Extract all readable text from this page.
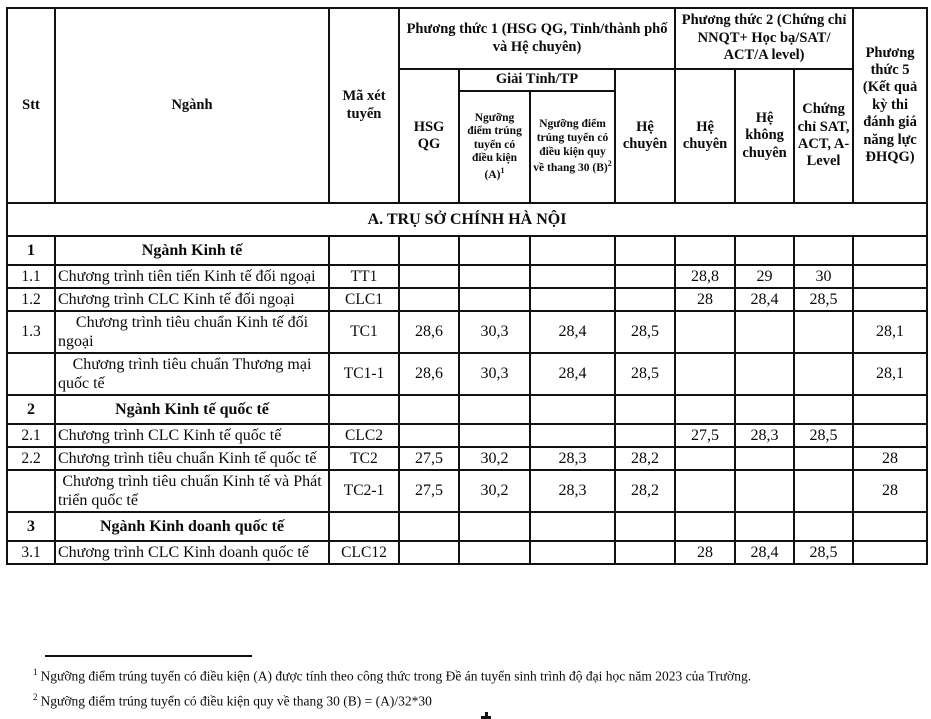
Stt	Ngành	Mã xét tuyển	Phương thức 1 (HSG QG, Tỉnh/thành phố và Hệ chuyên)				Phương thức 2 (Chứng chỉ NNQT+ Học bạ/SAT/ ACT/A level)			Phương thức 5 (Kết quả kỳ thi đánh giá năng lực ĐHQG)
			HSG QG	Giải Tỉnh/TP		Hệ chuyên	Hệ chuyên	Hệ không chuyên	Chứng chỉ SAT, ACT, A-Level	
				Ngưỡng điểm trúng tuyển có điều kiện $(A)^1$	Ngưỡng điểm trúng tuyển có điều kiện quy về thang 30 $(B)^2$
A. TRỤ SỞ CHÍNH HÀ NỘI										
1	Ngành Kinh tế									
1.1	Chương trình tiên tiến Kinh tế đối ngoại	TT1					28,8	29	30	
1.2	Chương trình CLC Kinh tế đối ngoại	CLC1					28	28,4	28,5	
1.3	Chương trình tiêu chuẩn Kinh tế đối ngoại	TC1	28,6	30,3	28,4	28,5				28,1
	Chương trình tiêu chuẩn Thương mại quốc tế	TC1-1	28,6	30,3	28,4	28,5				28,1
2	Ngành Kinh tế quốc tế									
2.1	Chương trình CLC Kinh tế quốc tế	CLC2					27,5	28,3	28,5	
2.2	Chương trình tiêu chuẩn Kinh tế quốc tế	TC2	27,5	30,2	28,3	28,2				28
	Chương trình tiêu chuẩn Kinh tế và Phát triển quốc tế	TC2-1	27,5	30,2	28,3	28,2				28
3	Ngành Kinh doanh quốc tế									
3.1	Chương trình CLC Kinh doanh quốc tế	CLC12					28	28,4	28,5	
$^1$ Ngưỡng điểm trúng tuyển có điều kiện (A) được tính theo công thức trong Đề án tuyển sinh trình độ đại học năm 2023 của Trường.
$^2$ Ngưỡng điểm trúng tuyển có điều kiện quy về thang 30 (B) = (A)/32*30
